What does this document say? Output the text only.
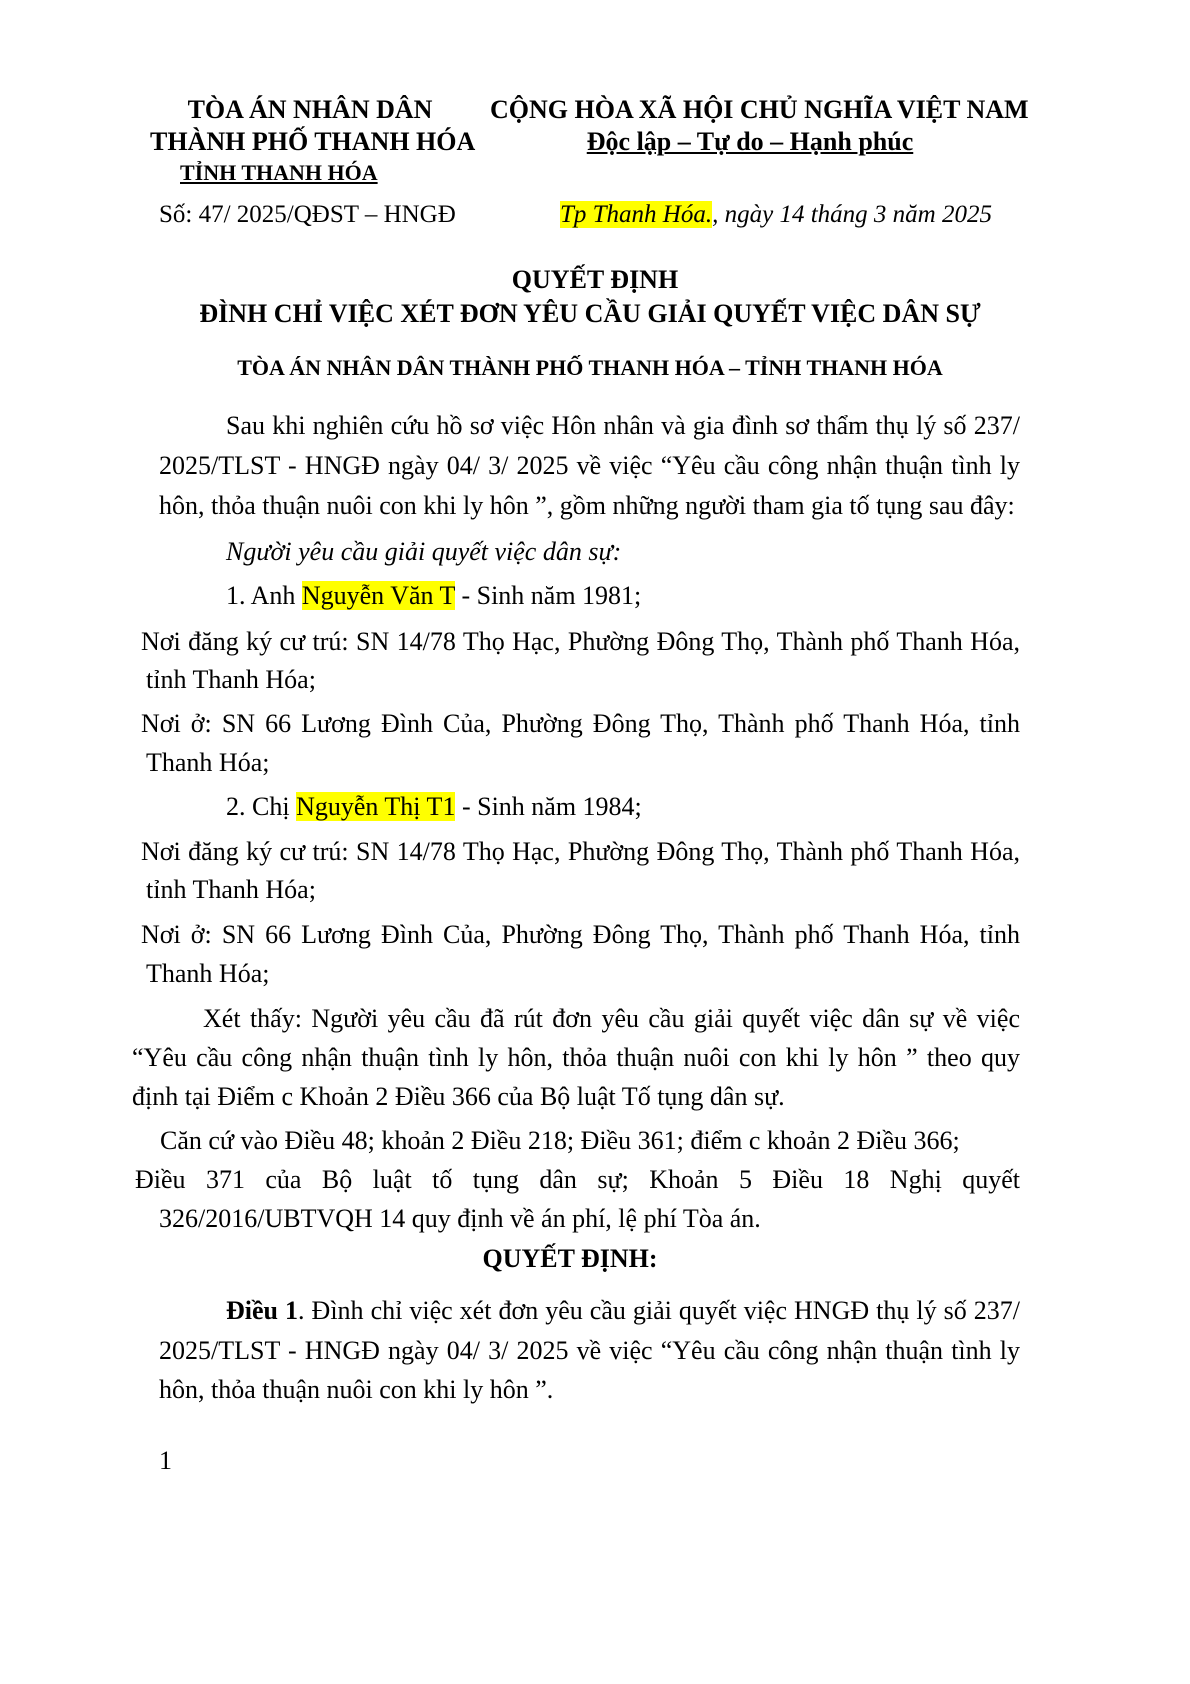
TÒA ÁN NHÂN DÂN
THÀNH PHỐ THANH HÓA
TỈNH THANH HÓA
CỘNG HÒA XÃ HỘI CHỦ NGHĨA VIỆT NAM
Độc lập – Tự do – Hạnh phúc
Số: 47/ 2025/QĐST – HNGĐ	Tp Thanh Hóa., ngày 14 tháng 3 năm 2025
QUYẾT ĐỊNH
ĐÌNH CHỈ VIỆC XÉT ĐƠN YÊU CẦU GIẢI QUYẾT VIỆC DÂN SỰ
TÒA ÁN NHÂN DÂN THÀNH PHỐ THANH HÓA – TỈNH THANH HÓA
Sau khi nghiên cứu hồ sơ việc Hôn nhân và gia đình sơ thẩm thụ lý số 237/
2025/TLST - HNGĐ ngày 04/ 3/ 2025 về việc “Yêu cầu công nhận thuận tình ly
hôn, thỏa thuận nuôi con khi ly hôn ”, gồm những người tham gia tố tụng sau đây:
Người yêu cầu giải quyết việc dân sự:
1. Anh Nguyễn Văn T - Sinh năm 1981;
Nơi đăng ký cư trú: SN 14/78 Thọ Hạc, Phường Đông Thọ, Thành phố Thanh Hóa,
tỉnh Thanh Hóa;
Nơi ở: SN 66 Lương Đình Của, Phường Đông Thọ, Thành phố Thanh Hóa, tỉnh
Thanh Hóa;
2. Chị Nguyễn Thị T1 - Sinh năm 1984;
Nơi đăng ký cư trú: SN 14/78 Thọ Hạc, Phường Đông Thọ, Thành phố Thanh Hóa,
tỉnh Thanh Hóa;
Nơi ở: SN 66 Lương Đình Của, Phường Đông Thọ, Thành phố Thanh Hóa, tỉnh
Thanh Hóa;
Xét thấy: Người yêu cầu đã rút đơn yêu cầu giải quyết việc dân sự về việc
“Yêu cầu công nhận thuận tình ly hôn, thỏa thuận nuôi con khi ly hôn ” theo quy
định tại Điểm c Khoản 2 Điều 366 của Bộ luật Tố tụng dân sự.
Căn cứ vào Điều 48; khoản 2 Điều 218; Điều 361; điểm c khoản 2 Điều 366;
Điều 371 của Bộ luật tố tụng dân sự; Khoản 5 Điều 18 Nghị quyết
326/2016/UBTVQH 14 quy định về án phí, lệ phí Tòa án.
QUYẾT ĐỊNH:
Điều 1. Đình chỉ việc xét đơn yêu cầu giải quyết việc HNGĐ thụ lý số 237/
2025/TLST - HNGĐ ngày 04/ 3/ 2025 về việc “Yêu cầu công nhận thuận tình ly
hôn, thỏa thuận nuôi con khi ly hôn ”.
1
